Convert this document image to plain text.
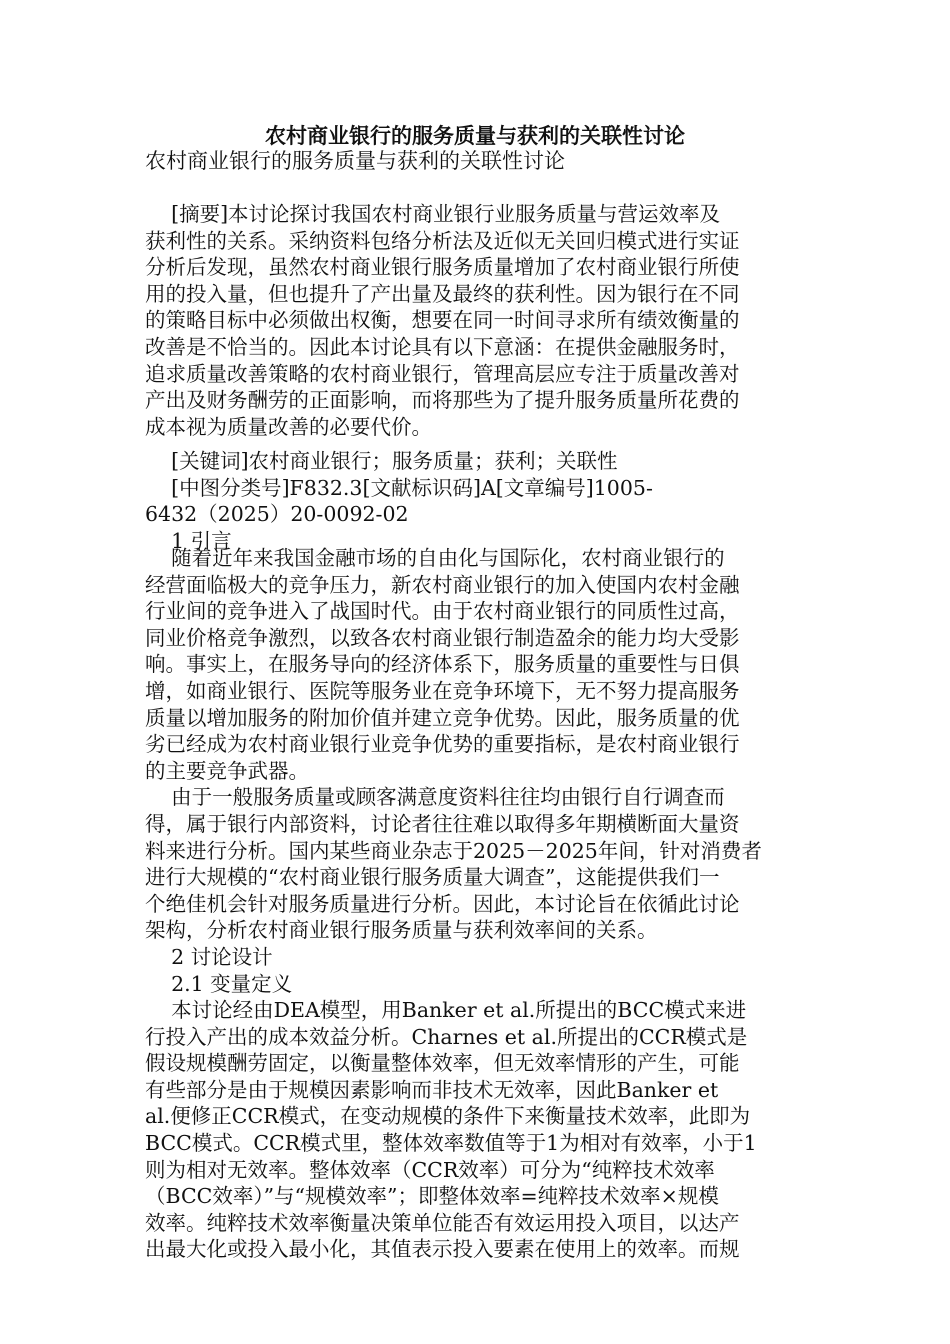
农村商业银行的服务质量与获利的关联性讨论
农村商业银行的服务质量与获利的关联性讨论
[摘要]本讨论探讨我国农村商业银行业服务质量与营运效率及
获利性的关系。采纳资料包络分析法及近似无关回归模式进行实证
分析后发现，虽然农村商业银行服务质量增加了农村商业银行所使
用的投入量，但也提升了产出量及最终的获利性。因为银行在不同
的策略目标中必须做出权衡，想要在同一时间寻求所有绩效衡量的
改善是不恰当的。因此本讨论具有以下意涵：在提供金融服务时，
追求质量改善策略的农村商业银行，管理高层应专注于质量改善对
产出及财务酬劳的正面影响，而将那些为了提升服务质量所花费的
成本视为质量改善的必要代价。
[关键词]农村商业银行；服务质量；获利；关联性
[中图分类号]F832.3[文献标识码]A[文章编号]1005-
6432（2025）20-0092-02
1 引言
随着近年来我国金融市场的自由化与国际化，农村商业银行的
经营面临极大的竞争压力，新农村商业银行的加入使国内农村金融
行业间的竞争进入了战国时代。由于农村商业银行的同质性过高，
同业价格竞争激烈，以致各农村商业银行制造盈余的能力均大受影
响。事实上，在服务导向的经济体系下，服务质量的重要性与日俱
增，如商业银行、医院等服务业在竞争环境下，无不努力提高服务
质量以增加服务的附加价值并建立竞争优势。因此，服务质量的优
劣已经成为农村商业银行业竞争优势的重要指标，是农村商业银行
的主要竞争武器。
由于一般服务质量或顾客满意度资料往往均由银行自行调查而
得，属于银行内部资料，讨论者往往难以取得多年期横断面大量资
料来进行分析。国内某些商业杂志于2025－2025年间，针对消费者
进行大规模的“农村商业银行服务质量大调查”，这能提供我们一
个绝佳机会针对服务质量进行分析。因此，本讨论旨在依循此讨论
架构，分析农村商业银行服务质量与获利效率间的关系。
2 讨论设计
2.1 变量定义
本讨论经由DEA模型，用Banker et al.所提出的BCC模式来进
行投入产出的成本效益分析。Charnes et al.所提出的CCR模式是
假设规模酬劳固定，以衡量整体效率，但无效率情形的产生，可能
有些部分是由于规模因素影响而非技术无效率，因此Banker et
al.便修正CCR模式，在变动规模的条件下来衡量技术效率，此即为
BCC模式。CCR模式里，整体效率数值等于1为相对有效率，小于1
则为相对无效率。整体效率（CCR效率）可分为“纯粹技术效率
（BCC效率）”与“规模效率”；即整体效率=纯粹技术效率×规模
效率。纯粹技术效率衡量决策单位能否有效运用投入项目，以达产
出最大化或投入最小化，其值表示投入要素在使用上的效率。而规
